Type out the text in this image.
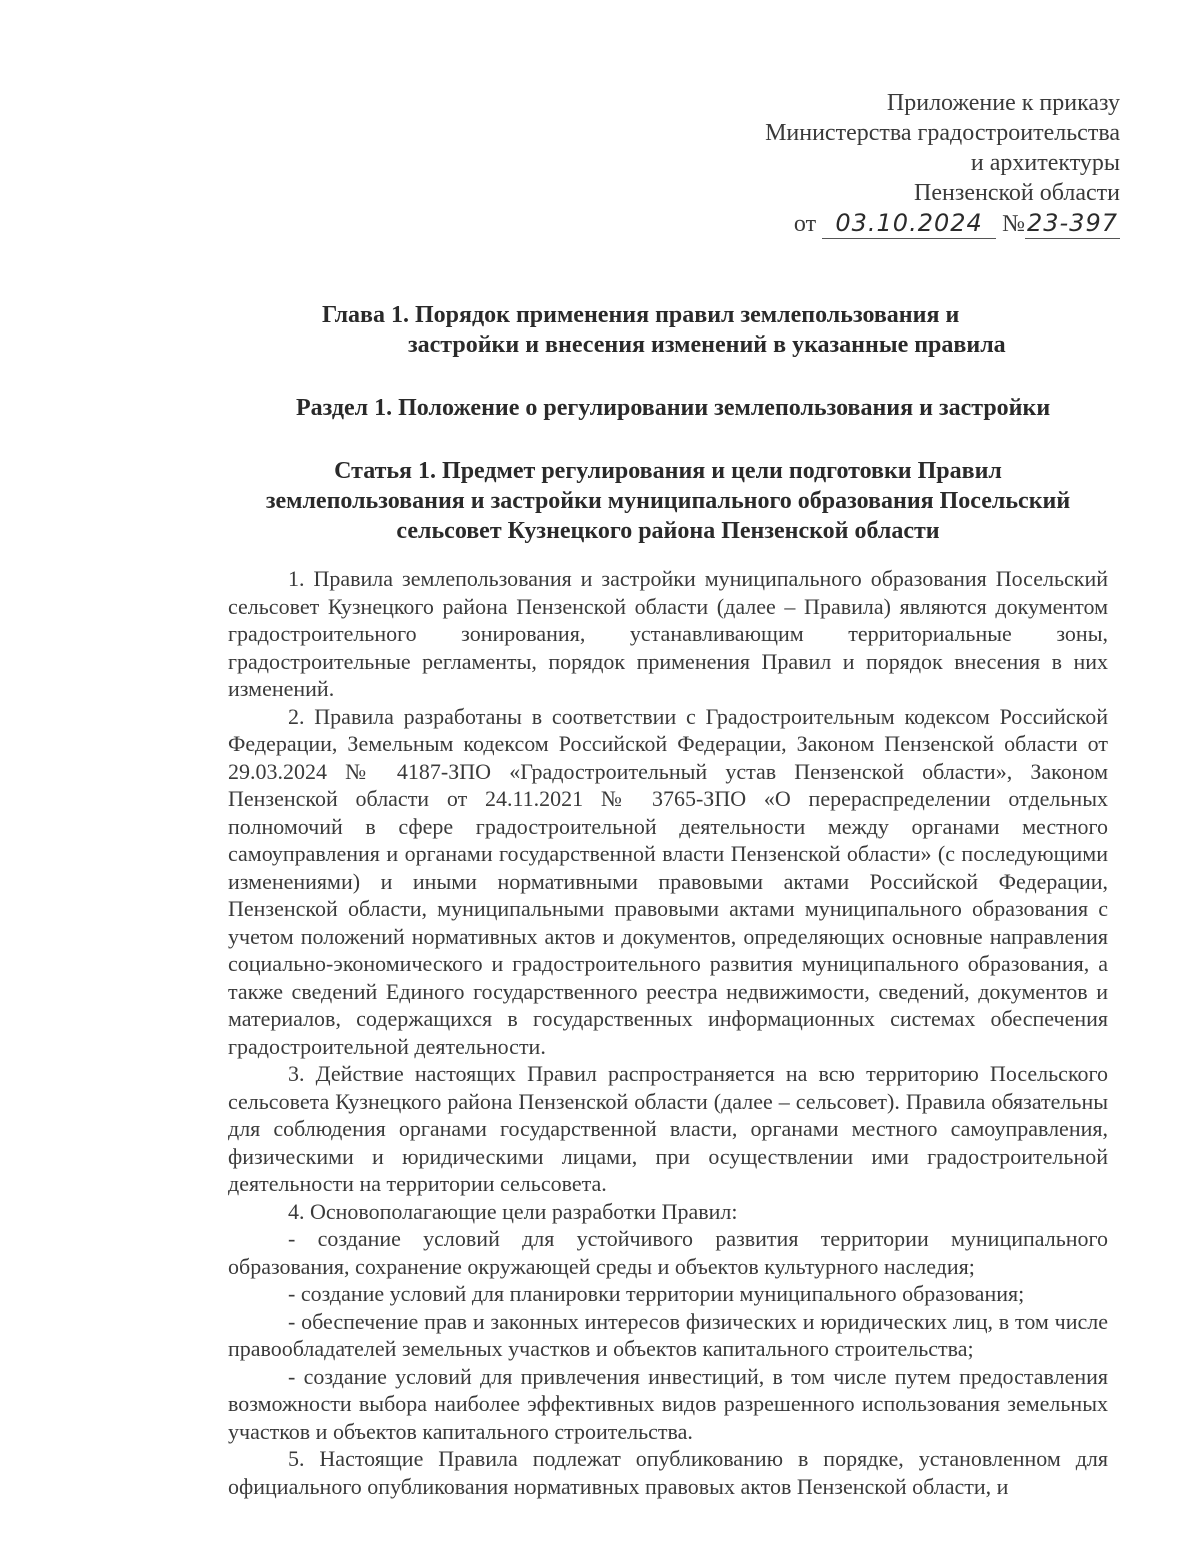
Приложение к приказу
Министерства градостроительства
и архитектуры
Пензенской области
от 03.10.2024 №23-397
Глава 1. Порядок применения правил землепользования и
застройки и внесения изменений в указанные правила
Раздел 1. Положение о регулировании землепользования и застройки
Статья 1. Предмет регулирования и цели подготовки Правил
землепользования и застройки муниципального образования Посельский
сельсовет Кузнецкого района Пензенской области

1. Правила землепользования и застройки муниципального образования Посельский сельсовет Кузнецкого района Пензенской области (далее – Правила) являются документом градостроительного зонирования, устанавливающим территориальные зоны, градостроительные регламенты, порядок применения Правил и порядок внесения в них изменений.

2. Правила разработаны в соответствии с Градостроительным кодексом Российской Федерации, Земельным кодексом Российской Федерации, Законом Пензенской области от 29.03.2024 № 4187-ЗПО «Градостроительный устав Пензенской области», Законом Пензенской области от 24.11.2021 № 3765-ЗПО «О перераспределении отдельных полномочий в сфере градостроительной деятельности между органами местного самоуправления и органами государственной власти Пензенской области» (с последующими изменениями) и иными нормативными правовыми актами Российской Федерации, Пензенской области, муниципальными правовыми актами муниципального образования с учетом положений нормативных актов и документов, определяющих основные направления социально-экономического и градостроительного развития муниципального образования, а также сведений Единого государственного реестра недвижимости, сведений, документов и материалов, содержащихся в государственных информационных системах обеспечения градостроительной деятельности.

3. Действие настоящих Правил распространяется на всю территорию Посельского сельсовета Кузнецкого района Пензенской области (далее – сельсовет). Правила обязательны для соблюдения органами государственной власти, органами местного самоуправления, физическими и юридическими лицами, при осуществлении ими градостроительной деятельности на территории сельсовета.

4. Основополагающие цели разработки Правил:

- создание условий для устойчивого развития территории муниципального образования, сохранение окружающей среды и объектов культурного наследия;

- создание условий для планировки территории муниципального образования;

- обеспечение прав и законных интересов физических и юридических лиц, в том числе правообладателей земельных участков и объектов капитального строительства;

- создание условий для привлечения инвестиций, в том числе путем предоставления возможности выбора наиболее эффективных видов разрешенного использования земельных участков и объектов капитального строительства.

5. Настоящие Правила подлежат опубликованию в порядке, установленном для официального опубликования нормативных правовых актов Пензенской области, и
